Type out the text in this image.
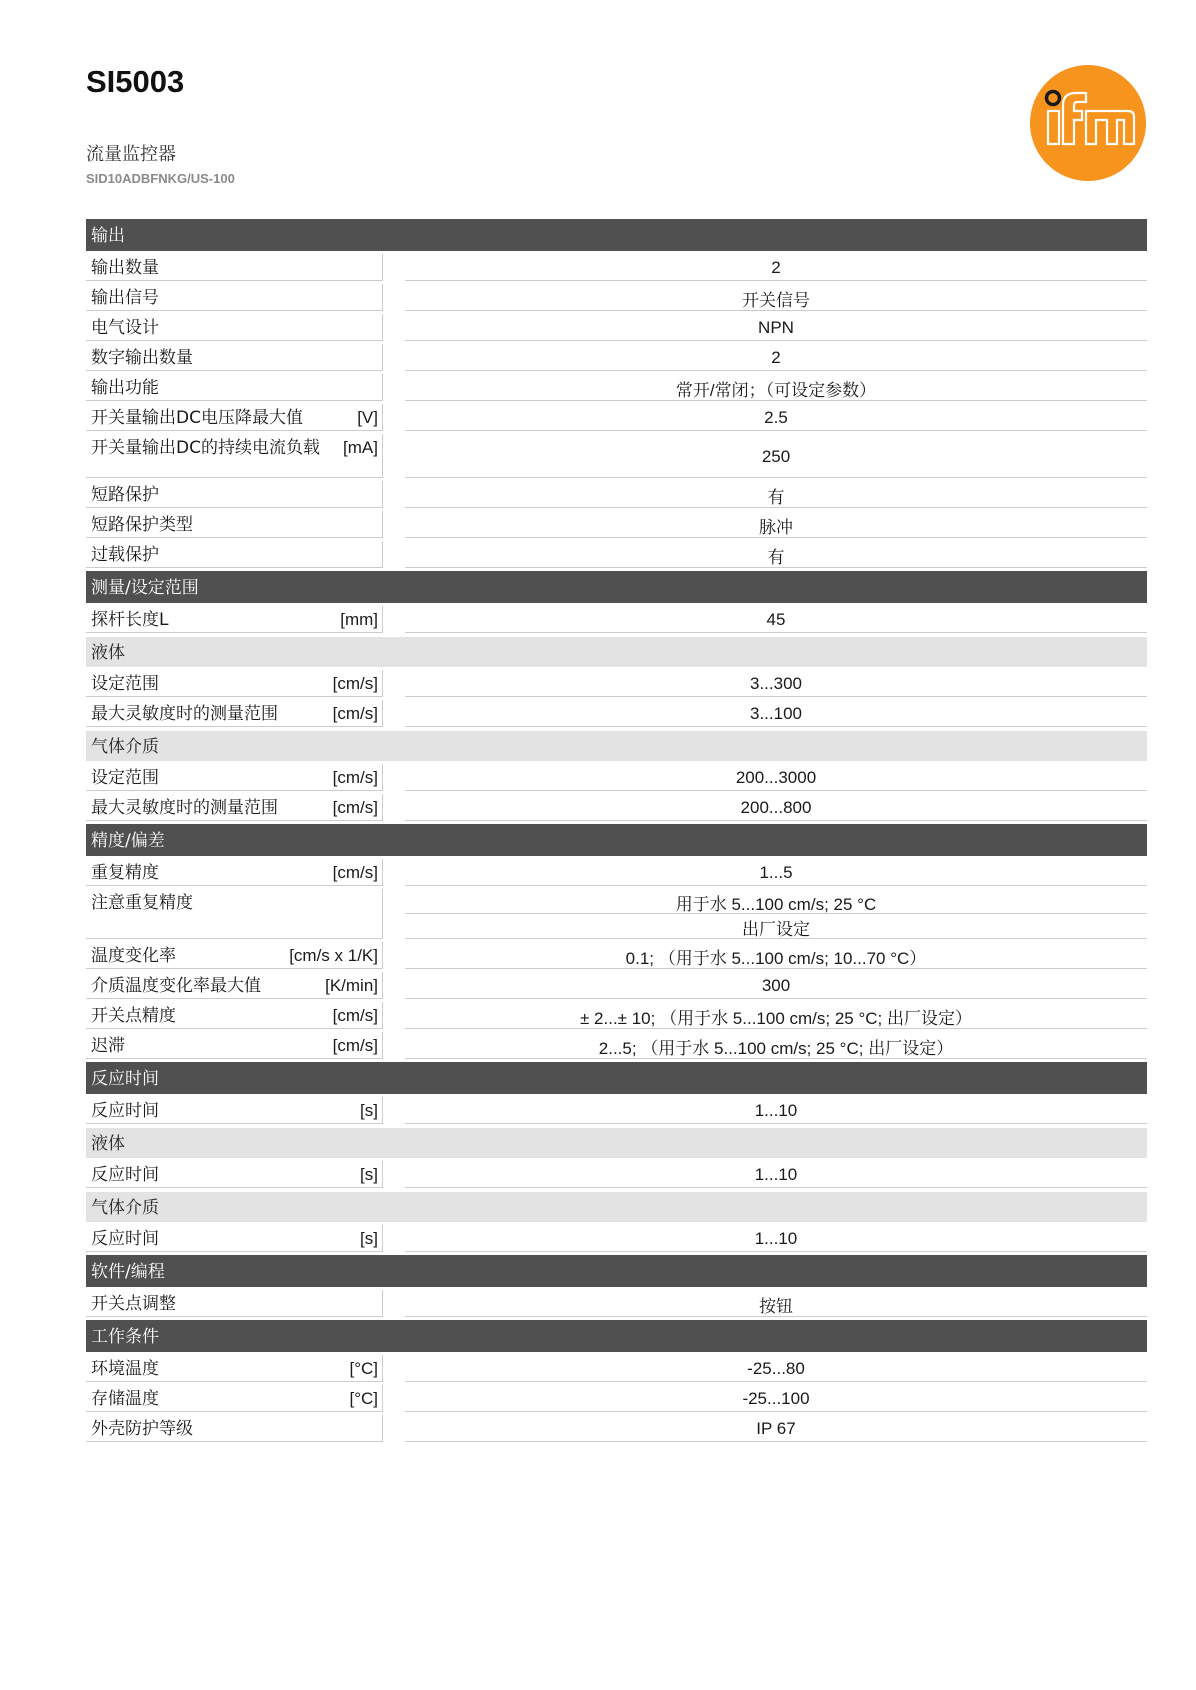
SI5003

流量监控器

SID10ADBFNKG/US-100

输出
输出数量	2
输出信号	开关信号
电气设计	NPN
数字输出数量	2
输出功能	常开/常闭；（可设定参数）
开关量输出DC电压降最大值	[V]	2.5
开关量输出DC的持续电流负载	[mA]	250
短路保护	有
短路保护类型	脉冲
过载保护	有
测量/设定范围
探杆长度L	[mm]	45
液体
设定范围	[cm/s]	3...300
最大灵敏度时的测量范围	[cm/s]	3...100
气体介质
设定范围	[cm/s]	200...3000
最大灵敏度时的测量范围	[cm/s]	200...800
精度/偏差
重复精度	[cm/s]	1...5
注意重复精度	用于水 5...100 cm/s; 25 °C
出厂设定
温度变化率	[cm/s x 1/K]	0.1; （用于水 5...100 cm/s; 10...70 °C）
介质温度变化率最大值	[K/min]	300
开关点精度	[cm/s]	± 2...± 10; （用于水 5...100 cm/s; 25 °C; 出厂设定）
迟滞	[cm/s]	2...5; （用于水 5...100 cm/s; 25 °C; 出厂设定）
反应时间
反应时间	[s]	1...10
液体
反应时间	[s]	1...10
气体介质
反应时间	[s]	1...10
软件/编程
开关点调整	按钮
工作条件
环境温度	[°C]	-25...80
存储温度	[°C]	-25...100
外壳防护等级	IP 67
